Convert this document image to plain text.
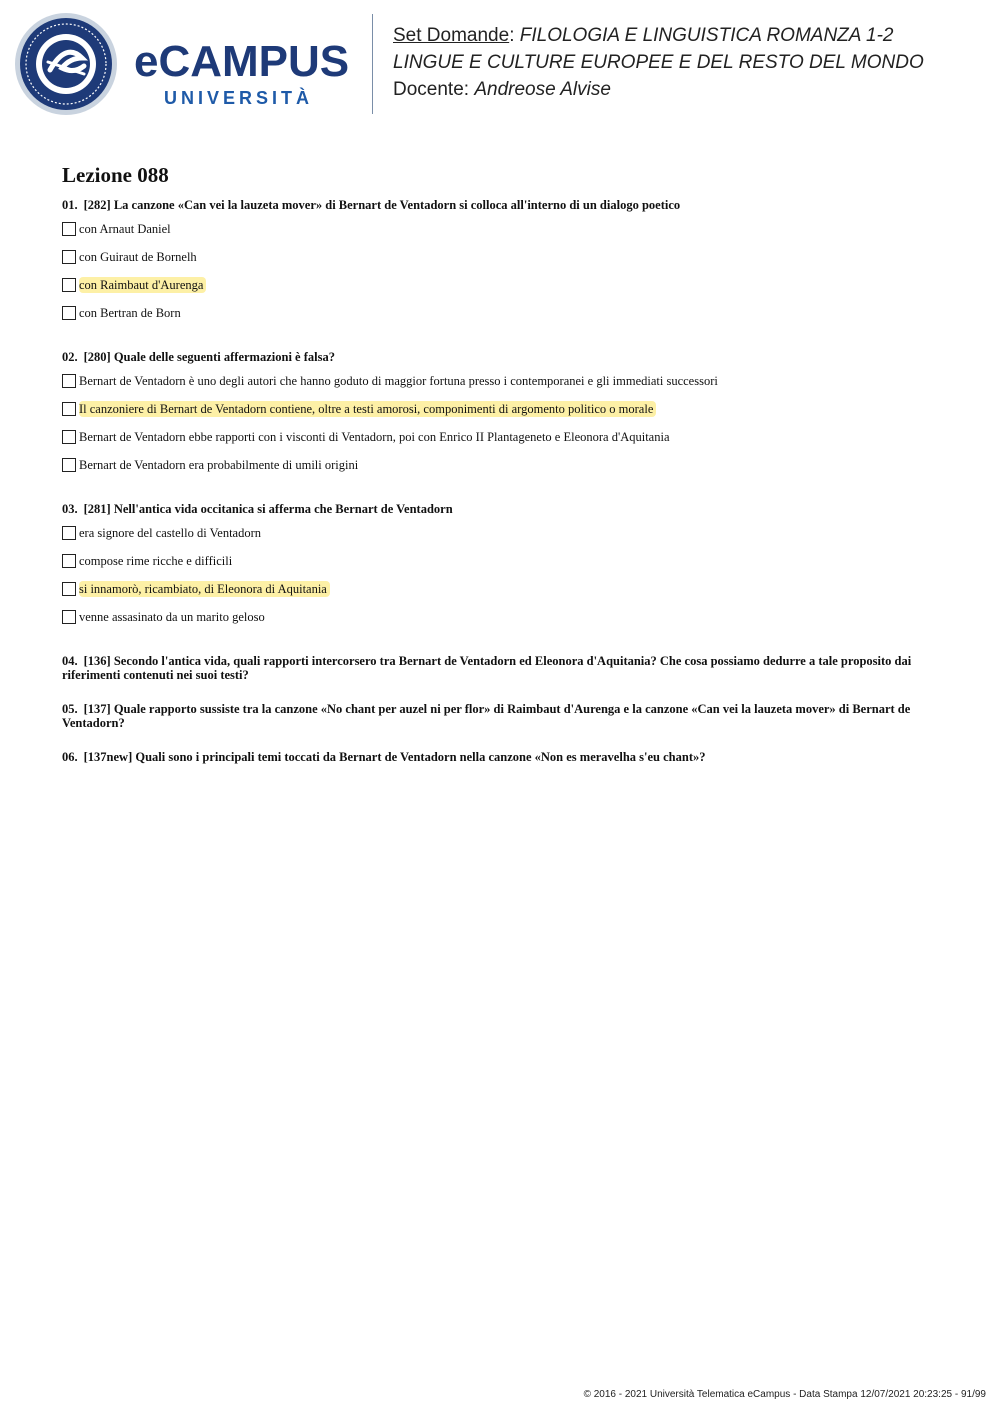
eCAMPUS
UNIVERSITÀ
Set Domande: FILOLOGIA E LINGUISTICA ROMANZA 1-2
LINGUE E CULTURE EUROPEE E DEL RESTO DEL MONDO
Docente: Andreose Alvise
Lezione 088
01. [282] La canzone «Can vei la lauzeta mover» di Bernart de Ventadorn si colloca all'interno di un dialogo poetico
con Arnaut Daniel
con Guiraut de Bornelh
con Raimbaut d'Aurenga
con Bertran de Born
02. [280] Quale delle seguenti affermazioni è falsa?
Bernart de Ventadorn è uno degli autori che hanno goduto di maggior fortuna presso i contemporanei e gli immediati successori
Il canzoniere di Bernart de Ventadorn contiene, oltre a testi amorosi, componimenti di argomento politico o morale
Bernart de Ventadorn ebbe rapporti con i visconti di Ventadorn, poi con Enrico II Plantageneto e Eleonora d'Aquitania
Bernart de Ventadorn era probabilmente di umili origini
03. [281] Nell'antica vida occitanica si afferma che Bernart de Ventadorn
era signore del castello di Ventadorn
compose rime ricche e difficili
si innamorò, ricambiato, di Eleonora di Aquitania
venne assasinato da un marito geloso
04. [136] Secondo l'antica vida, quali rapporti intercorsero tra Bernart de Ventadorn ed Eleonora d'Aquitania? Che cosa possiamo dedurre a tale proposito dai riferimenti contenuti nei suoi testi?
05. [137] Quale rapporto sussiste tra la canzone «No chant per auzel ni per flor» di Raimbaut d'Aurenga e la canzone «Can vei la lauzeta mover» di Bernart de Ventadorn?
06. [137new] Quali sono i principali temi toccati da Bernart de Ventadorn nella canzone «Non es meravelha s'eu chant»?
© 2016 - 2021 Università Telematica eCampus - Data Stampa 12/07/2021 20:23:25 - 91/99
